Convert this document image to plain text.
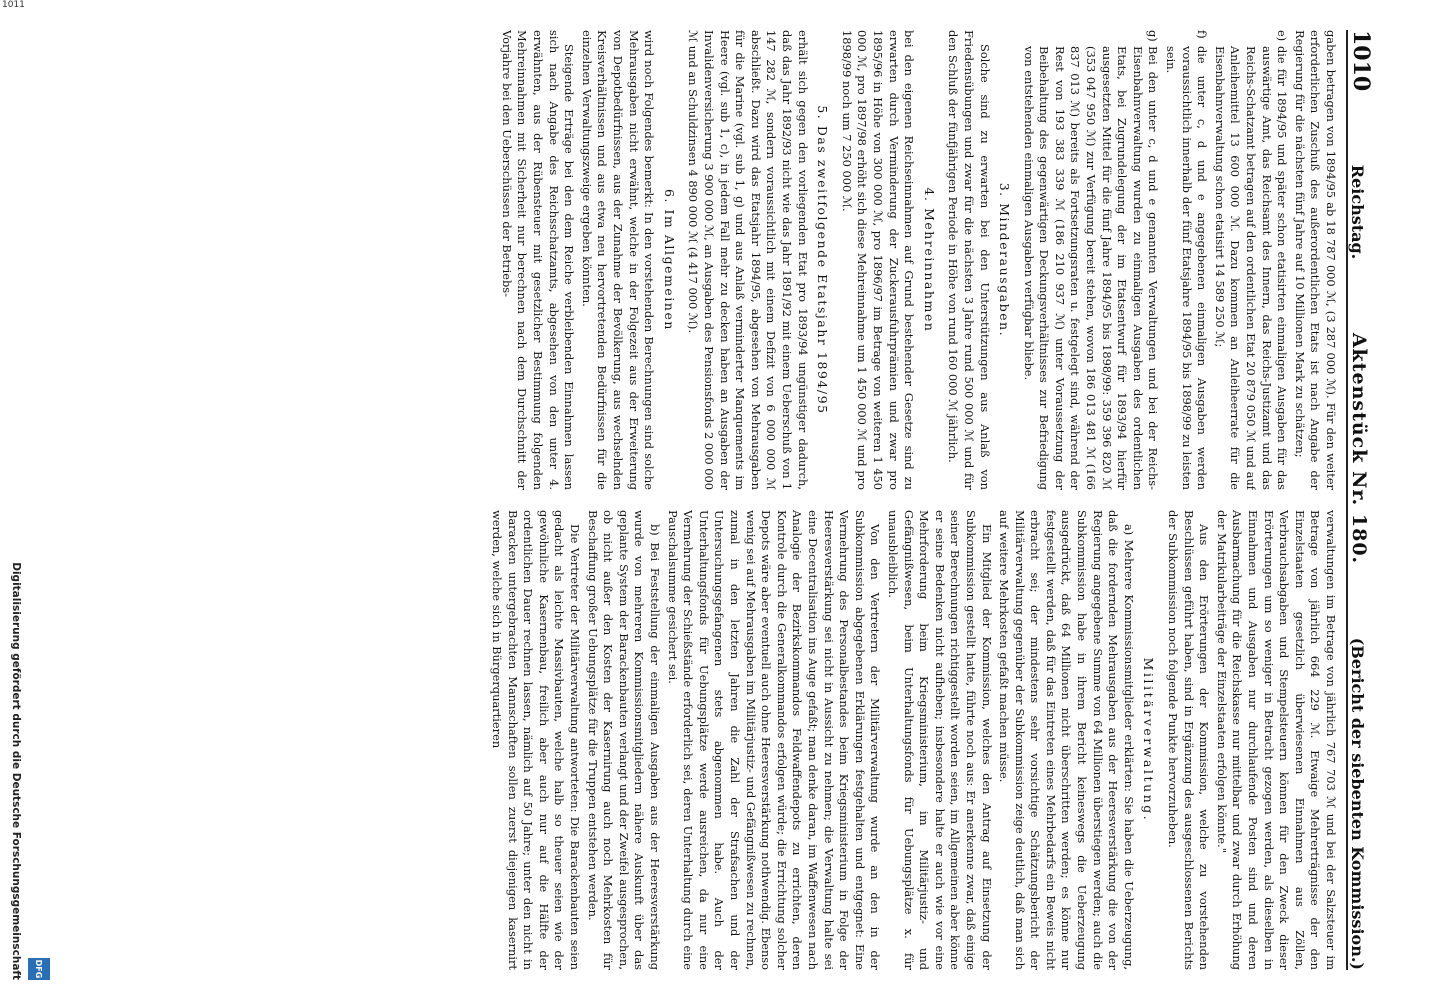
1011
1010
Reichstag.
Aktenstück Nr. 180.
(Bericht der siebenten Kommission.)

gaben betragen von 1894/95 ab 18 787 000 ℳ, (3 287 000 ℳ). Für den weiter erforderlichen Zuschuß des außerordentlichen Etats ist nach Angabe der Regierung für die nächsten fünf Jahre auf 10 Millionen Mark zu schätzen;

e)
die für 1894/95 und später schon etatisirten einmaligen Ausgaben für das auswärtige Amt, das Reichsamt des Innern, das Reichs-Justizamt und das Reichs-Schatzamt betragen auf den ordentlichen Etat 20 879 050 ℳ und auf Anleihemittel 13 600 000 ℳ. Dazu kommen an Anleiheerrate für die Eisenbahnverwaltung schon etatisirt 14 589 250 ℳ;

f)
die unter c, d und e angegebenen einmaligen Ausgaben werden voraussichtlich innerhalb der fünf Etatsjahre 1894/95 bis 1898/99 zu leisten sein.

g)
Bei den unter c, d und e genannten Verwaltungen und bei der Reichs-Eisenbahnverwaltung wurden zu einmaligen Ausgaben des ordentlichen Etats, bei Zugrundelegung der im Etatsentwurf für 1893/94 hierfür ausgesetzten Mittel für die fünf Jahre 1894/95 bis 1898/99: 359 396 820 ℳ (353 047 950 ℳ) zur Verfügung bereit stehen, wovon 186 013 481 ℳ (166 837 013 ℳ) bereits als Fortsetzungsraten u. festgelegt sind, während der Rest von 193 383 339 ℳ (186 210 937 ℳ) unter Voraussetzung der Beibehaltung des gegenwärtigen Deckungsverhältnisses zur Befriedigung von entstehenden einmaligen Ausgaben verfügbar bliebe.

3. Minderausgaben.

Solche sind zu erwarten bei den Unterstützungen aus Anlaß von Friedensübungen und zwar für die nächsten 3 Jahre rund 500 000 ℳ und für den Schluß der fünfjährigen Periode in Höhe von rund 160 000 ℳ jährlich.

4. Mehreinnahmen

bei den eigenen Reichseinnahmen auf Grund bestehender Gesetze sind zu erwarten durch Verminderung der Zuckerausfuhrprämien und zwar pro 1895/96 in Höhe von 300 000 ℳ, pro 1896/97 im Betrage von weiteren 1 450 000 ℳ, pro 1897/98 erhöht sich diese Mehreinnahme um 1 450 000 ℳ und pro 1898/99 noch um 7 250 000 ℳ.

5. Das zweitfolgende Etatsjahr 1894/95

erhält sich gegen den vorliegenden Etat pro 1893/94 ungünstiger dadurch, daß das Jahr 1892/93 nicht wie das Jahr 1891/92 mit einem Ueberschuß von 1 147 282 ℳ, sondern voraussichtlich mit einem Defizit von 6 000 000 ℳ abschließt. Dazu wird das Etatsjahr 1894/95, abgesehen von Mehrausgaben für die Marine (vgl. sub 1, g) und aus Anlaß verminderter Manquements im Heere (vgl. sub 1, c), in jedem Fall mehr zu decken haben an Ausgaben der Invalidenversicherung 3 900 000 ℳ, an Ausgaben des Pensionsfonds 2 000 000 ℳ und an Schuldzinsen 4 890 000 ℳ (4 417 000 ℳ).

6. Im Allgemeinen

wird noch Folgendes bemerkt: In den vorstehenden Berechnungen sind solche Mehrausgaben nicht erwähnt, welche in der Folgezeit aus der Erweiterung von Depotbedürfnissen, aus der Zunahme der Bevölkerung, aus wechselnden Kreisverhältnissen und aus etwa neu hervortretenden Bedürfnissen für die einzelnen Verwaltungszweige ergeben könnten.

Steigende Erträge bei den dem Reiche verbleibenden Einnahmen lassen sich nach Angabe des Reichsschatzamts, abgesehen von den unter 4. erwähnten, aus der Rübensteuer mit gesetzlicher Bestimmung folgenden Mehreinnahmen mit Sicherheit nur berechnen nach dem Durchschnitt der Vorjahre bei den Ueberschüssen der Betriebs-

verwaltungen im Betrage von jährlich 767 703 ℳ und bei der Salzsteuer im Betrage von jährlich 664 229 ℳ. Etwaige Mehrerträgnisse der den Einzelstaaten gesetzlich überwiesenen Einnahmen aus Zöllen, Verbrauchsabgaben und Stempelsteuern können für den Zweck dieser Erörterungen um so weniger in Betracht gezogen werden, als dieselben in Einnahmen und Ausgaben nur durchlaufende Posten sind und deren Ausbarmachung für die Reichskasse nur mittelbar und zwar durch Erhöhung der Matrikularbeiträge der Einzelstaaten erfolgen könnte."

Aus den Erörterungen der Kommission, welche zu vorstehenden Beschlüssen geführt haben, sind in Ergänzung des ausgeschlossenen Berichts der Subkommission noch folgende Punkte hervorzuheben.

Militärverwaltung.

a) Mehrere Kommissionsmitglieder erklärten: Sie haben die Ueberzeugung, daß die fordernden Mehrausgaben aus der Heeresverstärkung die von der Regierung angegebene Summe von 64 Millionen überstiegen werden; auch die Subkommission habe in ihrem Bericht keineswegs die Ueberzeugung ausgedrückt, daß 64 Millionen nicht überschritten werden; es könne nur festgestellt werden, daß für das Eintreten eines Mehrbedarfs ein Beweis nicht erbracht sei; der mindestens sehr vorsichtige Schätzungsbericht der Militärverwaltung gegenüber der Subkommission zeige deutlich, daß man sich auf weitere Mehrkosten gefaßt machen müsse.

Ein Mitglied der Kommission, welches den Antrag auf Einsetzung der Subkommission gestellt hatte, führte noch aus: Er anerkenne zwar, daß einige seiner Berechnungen richtiggestellt worden seien, im Allgemeinen aber könne er seine Bedenken nicht aufheben; insbesondere halte er auch wie vor eine Mehrforderung beim Kriegsministerium, im Militärjustiz- und Gefängnißwesen, beim Unterhaltungsfonds für Uebungsplätze x. für unausbleiblich.

Von den Vertretern der Militärverwaltung wurde an den in der Subkommission abgegebenen Erklärungen festgehalten und entgegnet: Eine Vermehrung des Personalbestandes beim Kriegsministerium in Folge der Heeresverstärkung sei nicht in Aussicht zu nehmen; die Verwaltung halte sei eine Decentralisation ins Auge gefaßt; man denke daran, im Waffenwesen nach Analogie der Bezirkskommandos Feldwaffendepots zu errichten, deren Kontrole durch die Generalkommandos erfolgen würde; die Errichtung solcher Depots wäre aber eventuell auch ohne Heeresverstärkung nothwendig. Ebenso wenig sei auf Mehrausgaben im Militärjustiz- und Gefängnißwesen zu rechnen, zumal in den letzten Jahren die Zahl der Strafsachen und der Untersuchungsgefangenen stets abgenommen habe. Auch der Unterhaltungsfonds für Uebungsplätze werde ausreichen, da nur eine Vermehrung der Schießstände erforderlich sei, deren Unterhaltung durch eine Pauschalsumme gesichert sei.

b) Bei Feststellung der einmaligen Ausgaben aus der Heeresverstärkung wurde von mehreren Kommissionsmitgliedern nähere Auskunft über das geplante System der Barackenbauten verlangt und der Zweifel ausgesprochen, ob nicht außer den Kosten der Kasernirung auch noch Mehrkosten für Beschaffung großer Uebungsplätze für die Truppen entstehen werden.

Die Vertreter der Militärverwaltung antworteten: Die Barackenbauten seien gedacht als leichte Massivbauten, welche halb so theuer seien wie der gewöhnliche Kasernenbau, freilich aber auch nur auf die Hälfte der ordentlichen Dauer rechnen lassen, nämlich auf 50 Jahre; unter den nicht in Baracken untergebrachten Mannschaften sollen zuerst diejenigen kasernirt werden, welche sich in Bürgerquartieren

DFG
Digitalisierung gefördert durch die Deutsche Forschungsgemeinschaft
